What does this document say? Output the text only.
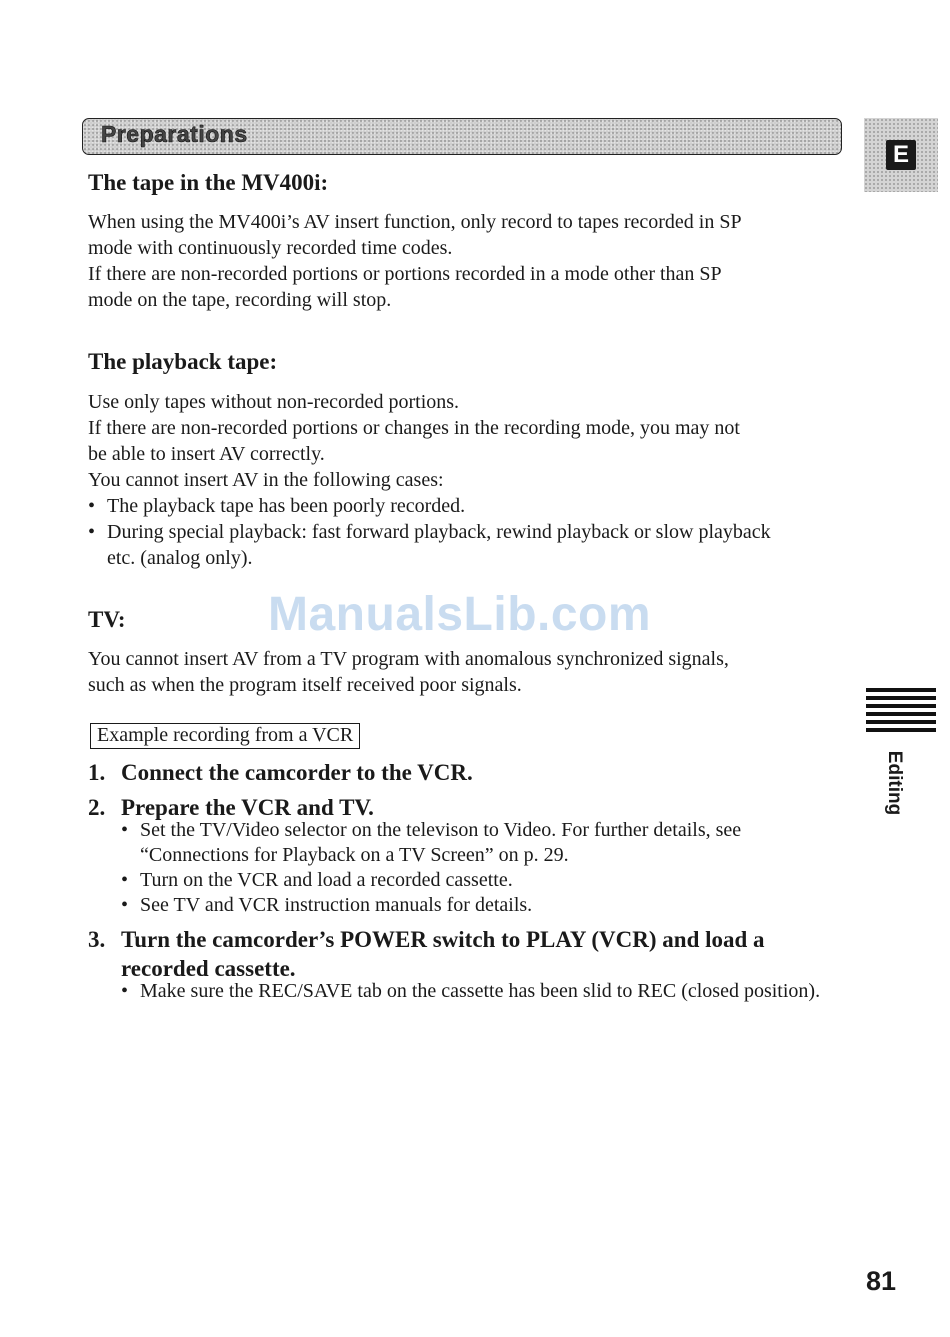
Preparations
E
The tape in the MV400i:

When using the MV400i’s AV insert function, only record to tapes recorded in SP
mode with continuously recorded time codes.
If there are non-recorded portions or portions recorded in a mode other than SP
mode on the tape, recording will stop.

The playback tape:

Use only tapes without non-recorded portions.
If there are non-recorded portions or changes in the recording mode, you may not
be able to insert AV correctly.
You cannot insert AV in the following cases:
• The playback tape has been poorly recorded.
• During special playback: fast forward playback, rewind playback or slow playback etc. (analog only).

TV:	ManualsLib.com

You cannot insert AV from a TV program with anomalous synchronized signals,
such as when the program itself received poor signals.

Example recording from a VCR
1. Connect the camcorder to the VCR.
2. Prepare the VCR and TV.
• Set the TV/Video selector on the televison to Video. For further details, see “Connections for Playback on a TV Screen” on p. 29.
• Turn on the VCR and load a recorded cassette.
• See TV and VCR instruction manuals for details.
3. Turn the camcorder’s POWER switch to PLAY (VCR) and load a recorded cassette.
• Make sure the REC/SAVE tab on the cassette has been slid to REC (closed position).
Editing
81
